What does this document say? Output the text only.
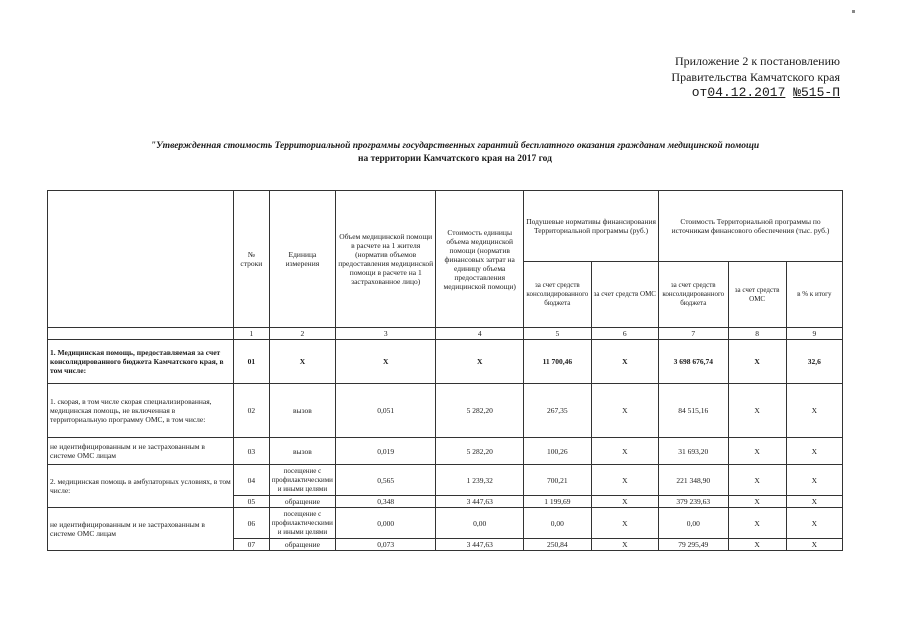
Приложение 2 к постановлению
Правительства Камчатского края
от04.12.2017 №515-П
"Утвержденная стоимость Территориальной программы государственных гарантий бесплатного оказания гражданам медицинской помощи
на территории Камчатского края на 2017 год
	№ строки	Единица измерения	Объем медицинской помощи в расчете на 1 жителя (норматив объемов предоставления медицинской помощи в расчете на 1 застрахованное лицо)	Стоимость единицы объема медицинской помощи (норматив финансовых затрат на единицу объема предоставления медицинской помощи)	Подушевые нормативы финансирования Территориальной программы (руб.)		Стоимость Территориальной программы по источникам финансового обеспечения (тыс. руб.)		
					за счет средств консолидированного бюджета	за счет средств ОМС	за счет средств консолидированного бюджета	за счет средств ОМС	в % к итогу
	1	2	3	4	5	6	7	8	9
1. Медицинская помощь, предоставляемая за счет консолидированного бюджета Камчатского края, в том числе:	01	X	X	X	11 700,46	X	3 698 676,74	X	32,6
1. скорая, в том числе скорая специализированная, медицинская помощь, не включенная в территориальную программу ОМС, в том числе:	02	вызов	0,051	5 282,20	267,35	X	84 515,16	X	X
не идентифицированным и не застрахованным в системе ОМС лицам	03	вызов	0,019	5 282,20	100,26	X	31 693,20	X	X
2. медицинская помощь в амбулаторных условиях, в том числе:	04	посещение с профилактическими и иными целями	0,565	1 239,32	700,21	X	221 348,90	X	X
	05	обращение	0,348	3 447,63	1 199,69	X	379 239,63	X	X
не идентифицированным и не застрахованным в системе ОМС лицам	06	посещение с профилактическими и иными целями	0,000	0,00	0,00	X	0,00	X	X
	07	обращение	0,073	3 447,63	250,84	X	79 295,49	X	X
